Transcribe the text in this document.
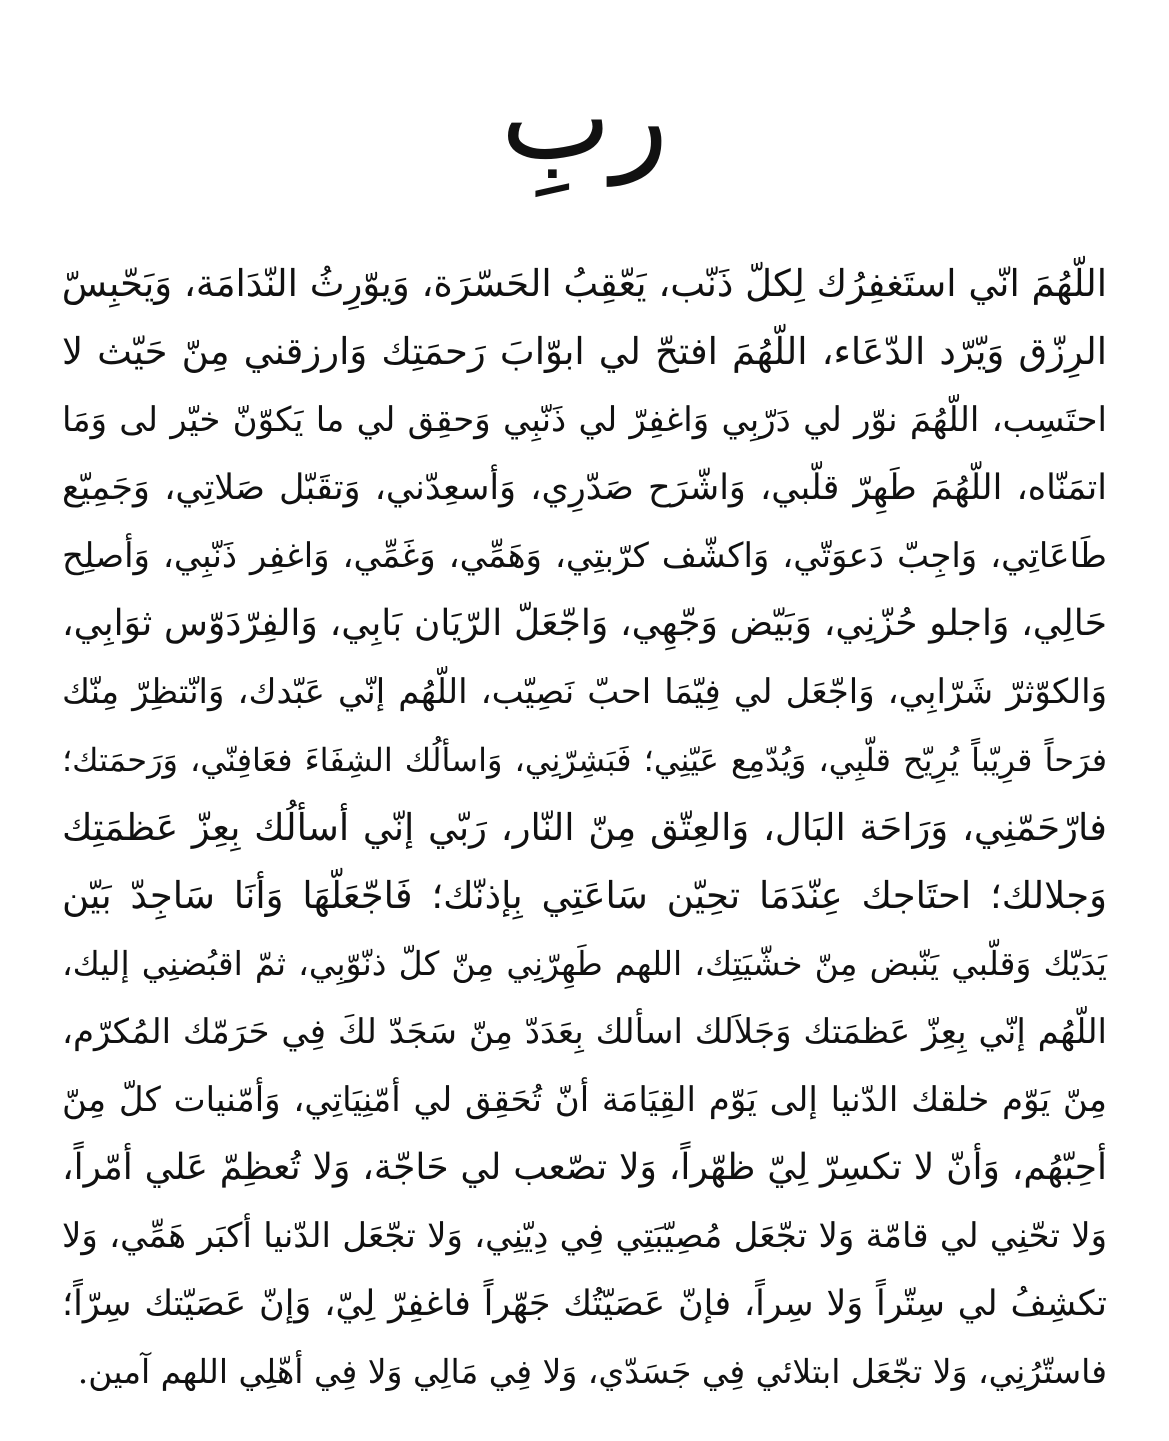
ربِ
اللّهُمَ انّي استَغفِرُك لِكلّ ذَنّب، يَعّقِبُ الحَسّرَة، وَيوّرِثُ النّدَامَة، وَيَحّبِسّ
الرِزّق وَيّرّد الدّعَاء، اللّهُمَ افتحّ لي ابوّابَ رَحمَتِك وَارزقني مِنّ حَيّث لا
احتَسِب، اللّهُمَ نوّر لي دَرّبِي وَاغفِرّ لي ذَنّبِي وَحقِق لي ما يَكوّنّ خيّر لى وَمَا
اتمَنّاه، اللّهُمَ طَهِرّ قلّبي، وَاشّرَح صَدّرِي، وَأسعِدّني، وَتقَبّل صَلاتِي، وَجَمِيّع
طَاعَاتِي، وَاجِبّ دَعوَتّي، وَاكشّف كرّبتِي، وَهَمِّي، وَغَمِّي، وَاغفِر ذَنّبِي، وَأصلِح
حَالِي، وَاجلو حُزّنِي، وَبَيّض وَجّهِي، وَاجّعَلّ الرّيَان بَابِي، وَالفِرّدَوّس ثوَابِي،
وَالكوّثرّ شَرّابِي، وَاجّعَل لي فِيّمَا احبّ نَصِيّب، اللّهُم إنّي عَبّدك، وَانّتظِرّ مِنّك
فرَحاً قرِيّباً يُرِيّح قلّبِي، وَيُدّمِع عَيّنِي؛ فَبَشِرّنِي، وَاسألُك الشِفَاءَ فعَافِنّي، وَرَحمَتك؛
فارّحَمّنِي، وَرَاحَة البَال، وَالعِتّق مِنّ النّار، رَبّي إنّي أسألُك بِعِزّ عَظمَتِك
وَجلالك؛ احتَاجك عِنّدَمَا تحِيّن سَاعَتِي بِإذنّك؛ فَاجّعَلّهَا وَأنَا سَاجِدّ بَيّن
يَدَيّك وَقلّبي يَنّبض مِنّ خشّيَتِك، اللهم طَهِرّنِي مِنّ كلّ ذنّوّبِي، ثمّ اقبُضنِي إليك،
اللّهُم إنّي بِعِزّ عَظمَتك وَجَلاَلك اسألك بِعَدَدّ مِنّ سَجَدّ لكَ فِي حَرَمّك المُكرّم،
مِنّ يَوّم خلقك الدّنيا إلى يَوّم القِيَامَة أنّ تُحَقِق لي أمّنِيَاتِي، وَأمّنيات كلّ مِنّ
أحِبّهُم، وَأنّ لا تكسِرّ لِيّ ظهّراً، وَلا تصّعب لي حَاجّة، وَلا تُعظِمّ عَلي أمّراً،
وَلا تحّنِي لي قامّة وَلا تجّعَل مُصِيّبَتِي فِي دِيّنِي، وَلا تجّعَل الدّنيا أكبَر هَمِّي، وَلا
تكشِفُ لي سِتّراً وَلا سِراً، فإنّ عَصَيّتُك جَهّراً فاغفِرّ لِيّ، وَإنّ عَصَيّتك سِرّاً؛
فاستّرُنِي، وَلا تجّعَل ابتلائي فِي جَسَدّي، وَلا فِي مَالِي وَلا فِي أهّلِي اللهم آمين.
